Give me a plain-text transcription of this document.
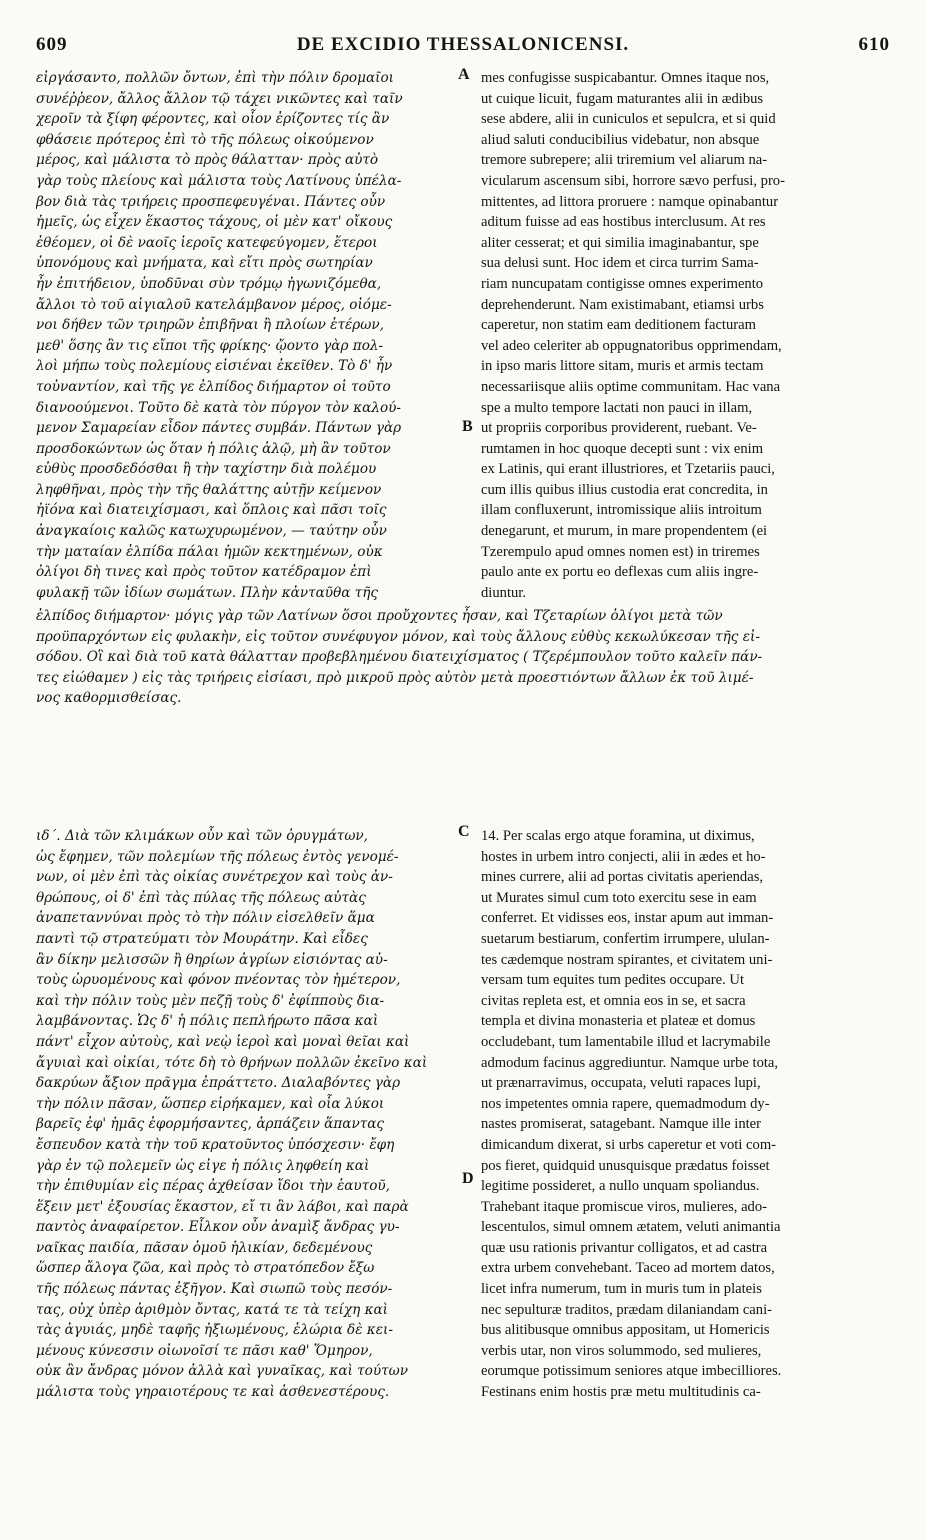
609	DE EXCIDIO THESSALONICENSI.	610
A
B
C
D
εἰργάσαντο, πολλῶν ὄντων, ἐπὶ τὴν πόλιν δρομαῖοι
συνέῤῥεον, ἄλλος ἄλλον τῷ τάχει νικῶντες καὶ ταῖν
χεροῖν τὰ ξίφη φέροντες, καὶ οἷον ἐρίζοντες τίς ἂν
φθάσειε πρότερος ἐπὶ τὸ τῆς πόλεως οἰκούμενον
μέρος, καὶ μάλιστα τὸ πρὸς θάλατταν· πρὸς αὐτὸ
γὰρ τοὺς πλείους καὶ μάλιστα τοὺς Λατίνους ὑπέλα-
βον διὰ τὰς τριήρεις προσπεφευγέναι. Πάντες οὖν
ἡμεῖς, ὡς εἶχεν ἕκαστος τάχους, οἱ μὲν κατ' οἴκους
ἐθέομεν, οἱ δὲ ναοῖς ἱεροῖς κατεφεύγομεν, ἕτεροι
ὑπονόμους καὶ μνήματα, καὶ εἴτι πρὸς σωτηρίαν
ἦν ἐπιτήδειον, ὑποδῦναι σὺν τρόμῳ ἠγωνιζόμεθα,
ἄλλοι τὸ τοῦ αἰγιαλοῦ κατελάμβανον μέρος, οἰόμε-
νοι δήθεν τῶν τριηρῶν ἐπιβῆναι ἢ πλοίων ἑτέρων,
μεθ' ὅσης ἂν τις εἴποι τῆς φρίκης· ᾤοντο γὰρ πολ-
λοὶ μήπω τοὺς πολεμίους εἰσιέναι ἐκεῖθεν. Τὸ δ' ἦν
τοὐναντίον, καὶ τῆς γε ἐλπίδος διήμαρτον οἱ τοῦτο
διανοούμενοι. Τοῦτο δὲ κατὰ τὸν πύργον τὸν καλού-
μενον Σαμαρείαν εἶδον πάντες συμβάν. Πάντων γὰρ
προσδοκώντων ὡς ὅταν ἡ πόλις ἁλῷ, μὴ ἂν τοῦτον
εὐθὺς προσδεδόσθαι ἢ τὴν ταχίστην διὰ πολέμου
ληφθῆναι, πρὸς τὴν τῆς θαλάττης αὐτῇν κείμενον
ἠϊόνα καὶ διατειχίσμασι, καὶ ὅπλοις καὶ πᾶσι τοῖς
ἀναγκαίοις καλῶς κατωχυρωμένον, — ταύτην οὖν
τὴν ματαίαν ἐλπίδα πάλαι ἡμῶν κεκτημένων, οὐκ
ὀλίγοι δὴ τινες καὶ πρὸς τοῦτον κατέδραμον ἐπὶ
φυλακῇ τῶν ἰδίων σωμάτων. Πλὴν κἀνταῦθα τῆς
mes confugisse suspicabantur. Omnes itaque nos,
ut cuique licuit, fugam maturantes alii in ædibus
sese abdere, alii in cuniculos et sepulcra, et si quid
aliud saluti conducibilius videbatur, non absque
tremore subrepere; alii triremium vel aliarum na-
vicularum ascensum sibi, horrore sævo perfusi, pro-
mittentes, ad littora proruere : namque opinabantur
aditum fuisse ad eas hostibus interclusum. At res
aliter cesserat; et qui similia imaginabantur, spe
sua delusi sunt. Hoc idem et circa turrim Sama-
riam nuncupatam contigisse omnes experimento
deprehenderunt. Nam existimabant, etiamsi urbs
caperetur, non statim eam deditionem facturam
vel adeo celeriter ab oppugnatoribus opprimendam,
in ipso maris littore sitam, muris et armis tectam
necessariisque aliis optime communitam. Hac vana
spe a multo tempore lactati non pauci in illam,
ut propriis corporibus providerent, ruebant. Ve-
rumtamen in hoc quoque decepti sunt : vix enim
ex Latinis, qui erant illustriores, et Tzetariis pauci,
cum illis quibus illius custodia erat concredita, in
illam confluxerunt, intromissique aliis introitum
denegarunt, et murum, in mare propendentem (ei
Tzerempulo apud omnes nomen est) in triremes
paulo ante ex portu eo deflexas cum aliis ingre-
diuntur.
ἐλπίδος διήμαρτον· μόγις γὰρ τῶν Λατίνων ὅσοι προὔχοντες ἦσαν, καὶ Τζεταρίων ὀλίγοι μετὰ τῶν
προϋπαρχόντων εἰς φυλακὴν, εἰς τοῦτον συνέφυγον μόνον, καὶ τοὺς ἄλλους εὐθὺς κεκωλύκεσαν τῆς εἰ-
σόδου. Οἳ καὶ διὰ τοῦ κατὰ θάλατταν προβεβλημένου διατειχίσματος ( Τζερέμπουλον τοῦτο καλεῖν πάν-
τες εἰώθαμεν ) εἰς τὰς τριήρεις εἰσίασι, πρὸ μικροῦ πρὸς αὐτὸν μετὰ προεστιόντων ἄλλων ἐκ τοῦ λιμέ-
νος καθορμισθείσας.
ιδ΄. Διὰ τῶν κλιμάκων οὖν καὶ τῶν ὀρυγμάτων,
ὡς ἔφημεν, τῶν πολεμίων τῆς πόλεως ἐντὸς γενομέ-
νων, οἱ μὲν ἐπὶ τὰς οἰκίας συνέτρεχον καὶ τοὺς ἀν-
θρώπους, οἱ δ' ἐπὶ τὰς πύλας τῆς πόλεως αὐτὰς
ἀναπεταννύναι πρὸς τὸ τὴν πόλιν εἰσελθεῖν ἅμα
παντὶ τῷ στρατεύματι τὸν Μουράτην. Καὶ εἶδες
ἂν δίκην μελισσῶν ἢ θηρίων ἀγρίων εἰσιόντας αὐ-
τοὺς ὡρυομένους καὶ φόνον πνέοντας τὸν ἡμέτερον,
καὶ τὴν πόλιν τοὺς μὲν πεζῇ τοὺς δ' ἐφίπποὺς δια-
λαμβάνοντας. Ὡς δ' ἡ πόλις πεπλήρωτο πᾶσα καὶ
πάντ' εἶχον αὐτοὺς, καὶ νεῲ ἱεροὶ καὶ μοναὶ θεῖαι καὶ
ἄγυιαὶ καὶ οἰκίαι, τότε δὴ τὸ θρήνων πολλῶν ἐκεῖνο καὶ
δακρύων ἄξιον πρᾶγμα ἐπράττετο. Διαλαβόντες γὰρ
τὴν πόλιν πᾶσαν, ὥσπερ εἰρήκαμεν, καὶ οἷα λύκοι
βαρεῖς ἐφ' ἡμᾶς ἐφορμήσαντες, ἁρπάζειν ἅπαντας
ἔσπευδον κατὰ τὴν τοῦ κρατοῦντος ὑπόσχεσιν· ἔφη
γὰρ ἐν τῷ πολεμεῖν ὡς εἰγε ἡ πόλις ληφθείη καὶ
τὴν ἐπιθυμίαν εἰς πέρας ἀχθείσαν ἴδοι τὴν ἑαυτοῦ,
ἕξειν μετ' ἐξουσίας ἕκαστον, εἴ τι ἂν λάβοι, καὶ παρὰ
παντὸς ἀναφαίρετον. Εἷλκον οὖν ἀναμὶξ ἄνδρας γυ-
ναῖκας παιδία, πᾶσαν ὁμοῦ ἡλικίαν, δεδεμένους
ὥσπερ ἄλογα ζῶα, καὶ πρὸς τὸ στρατόπεδον ἔξω
τῆς πόλεως πάντας ἐξῆγον. Καὶ σιωπῶ τοὺς πεσόν-
τας, οὐχ ὑπὲρ ἀριθμὸν ὄντας, κατά τε τὰ τείχη καὶ
τὰς ἀγυιάς, μηδὲ ταφῆς ἠξιωμένους, ἑλώρια δὲ κει-
μένους κύνεσσιν οἰωνοῖσί τε πᾶσι καθ' Ὅμηρον,
οὐκ ἂν ἄνδρας μόνον ἀλλὰ καὶ γυναῖκας, καὶ τούτων
μάλιστα τοὺς γηραιοτέρους τε καὶ ἀσθενεστέρους.
14. Per scalas ergo atque foramina, ut diximus,
hostes in urbem intro conjecti, alii in ædes et ho-
mines currere, alii ad portas civitatis aperiendas,
ut Murates simul cum toto exercitu sese in eam
conferret. Et vidisses eos, instar apum aut imman-
suetarum bestiarum, confertim irrumpere, ululan-
tes cædemque nostram spirantes, et civitatem uni-
versam tum equites tum pedites occupare. Ut
civitas repleta est, et omnia eos in se, et sacra
templa et divina monasteria et plateæ et domus
occludebant, tum lamentabile illud et lacrymabile
admodum facinus aggrediuntur. Namque urbe tota,
ut prænarravimus, occupata, veluti rapaces lupi,
nos impetentes omnia rapere, quemadmodum dy-
nastes promiserat, satagebant. Namque ille inter
dimicandum dixerat, si urbs caperetur et voti com-
pos fieret, quidquid unusquisque prædatus foisset
legitime possideret, a nullo unquam spoliandus.
Trahebant itaque promiscue viros, mulieres, ado-
lescentulos, simul omnem ætatem, veluti animantia
quæ usu rationis privantur colligatos, et ad castra
extra urbem convehebant. Taceo ad mortem datos,
licet infra numerum, tum in muris tum in plateis
nec sepulturæ traditos, prædam dilaniandam cani-
bus alitibusque omnibus appositam, ut Homericis
verbis utar, non viros solummodo, sed mulieres,
eorumque potissimum seniores atque imbecilliores.
Festinans enim hostis præ metu multitudinis ca-
